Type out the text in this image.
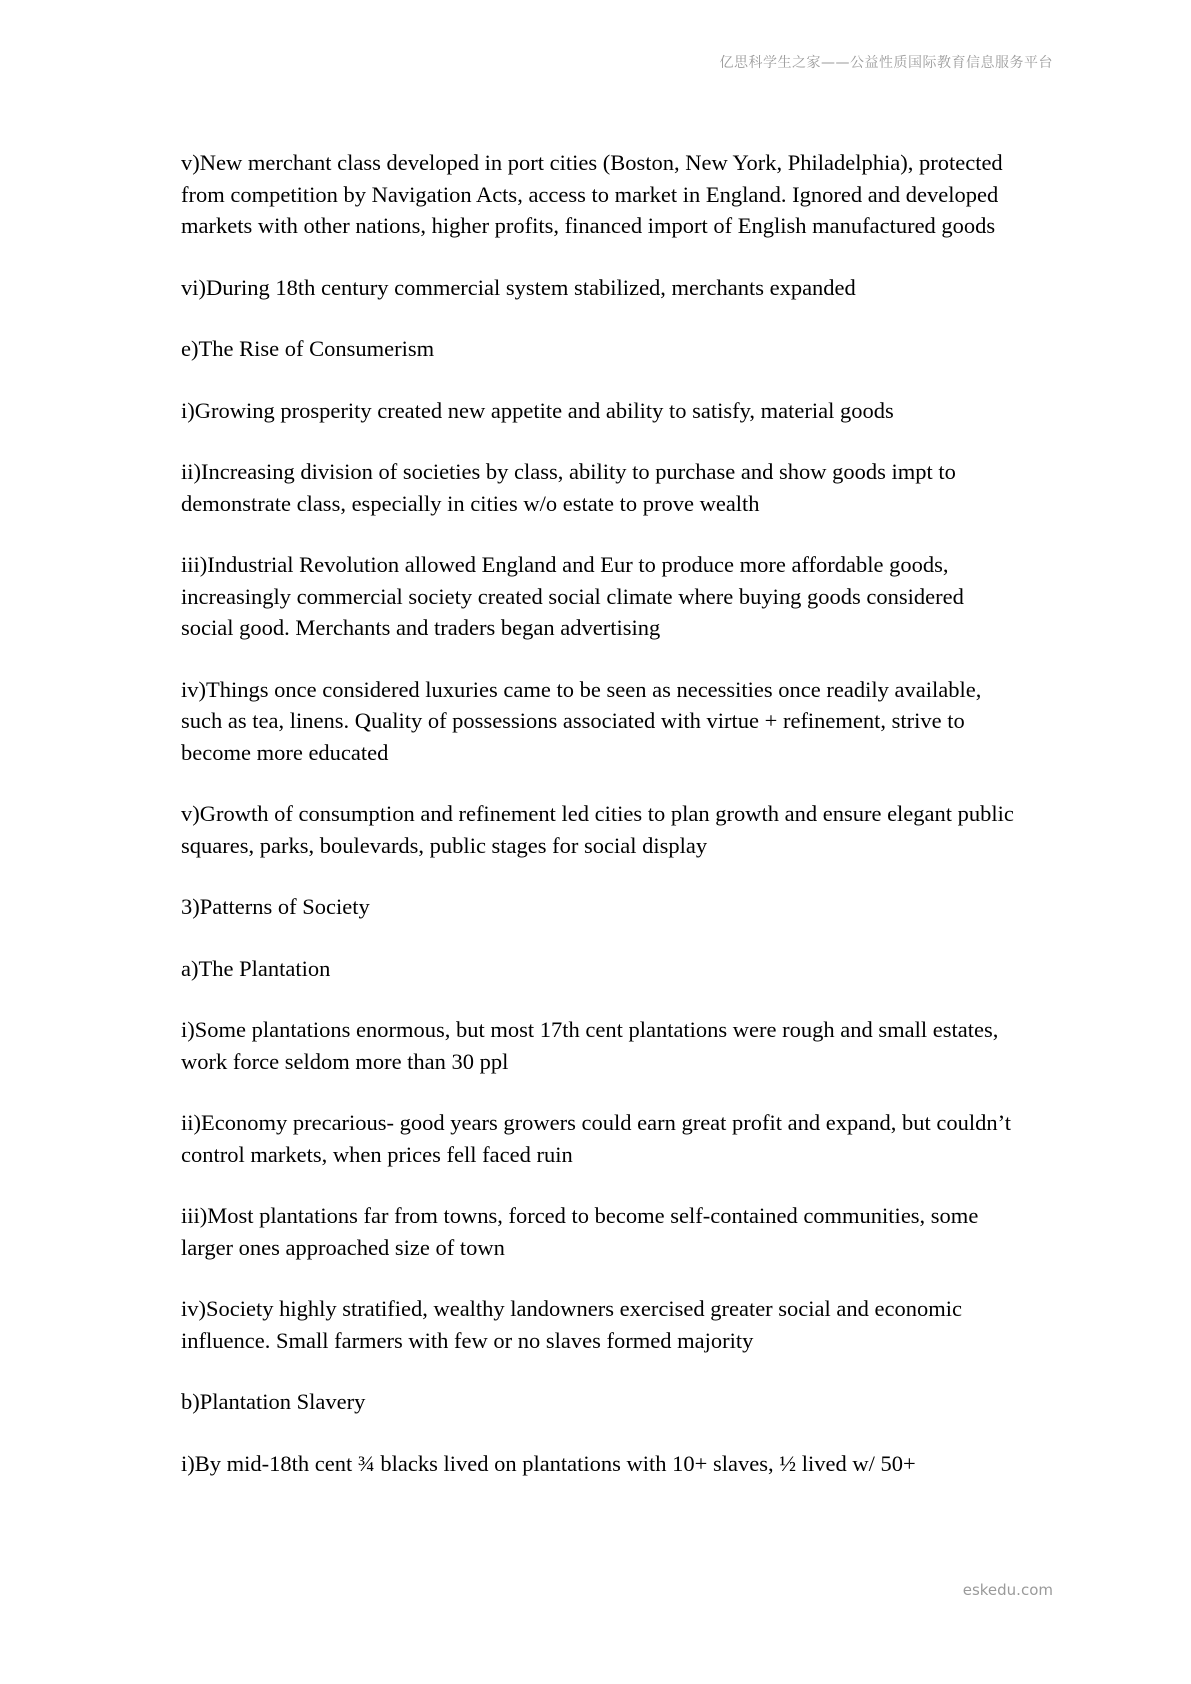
亿思科学生之家——公益性质国际教育信息服务平台

v)New merchant class developed in port cities (Boston, New York, Philadelphia), protected from competition by Navigation Acts, access to market in England. Ignored and developed markets with other nations, higher profits, financed import of English manufactured goods

vi)During 18th century commercial system stabilized, merchants expanded

e)The Rise of Consumerism

i)Growing prosperity created new appetite and ability to satisfy, material goods

ii)Increasing division of societies by class, ability to purchase and show goods impt to demonstrate class, especially in cities w/o estate to prove wealth

iii)Industrial Revolution allowed England and Eur to produce more affordable goods, increasingly commercial society created social climate where buying goods considered social good. Merchants and traders began advertising

iv)Things once considered luxuries came to be seen as necessities once readily available, such as tea, linens. Quality of possessions associated with virtue + refinement, strive to become more educated

v)Growth of consumption and refinement led cities to plan growth and ensure elegant public squares, parks, boulevards, public stages for social display

3)Patterns of Society

a)The Plantation

i)Some plantations enormous, but most 17th cent plantations were rough and small estates, work force seldom more than 30 ppl

ii)Economy precarious- good years growers could earn great profit and expand, but couldn’t control markets, when prices fell faced ruin

iii)Most plantations far from towns, forced to become self-contained communities, some larger ones approached size of town

iv)Society highly stratified, wealthy landowners exercised greater social and economic influence. Small farmers with few or no slaves formed majority

b)Plantation Slavery

i)By mid-18th cent ¾ blacks lived on plantations with 10+ slaves, ½ lived w/ 50+

eskedu.com
